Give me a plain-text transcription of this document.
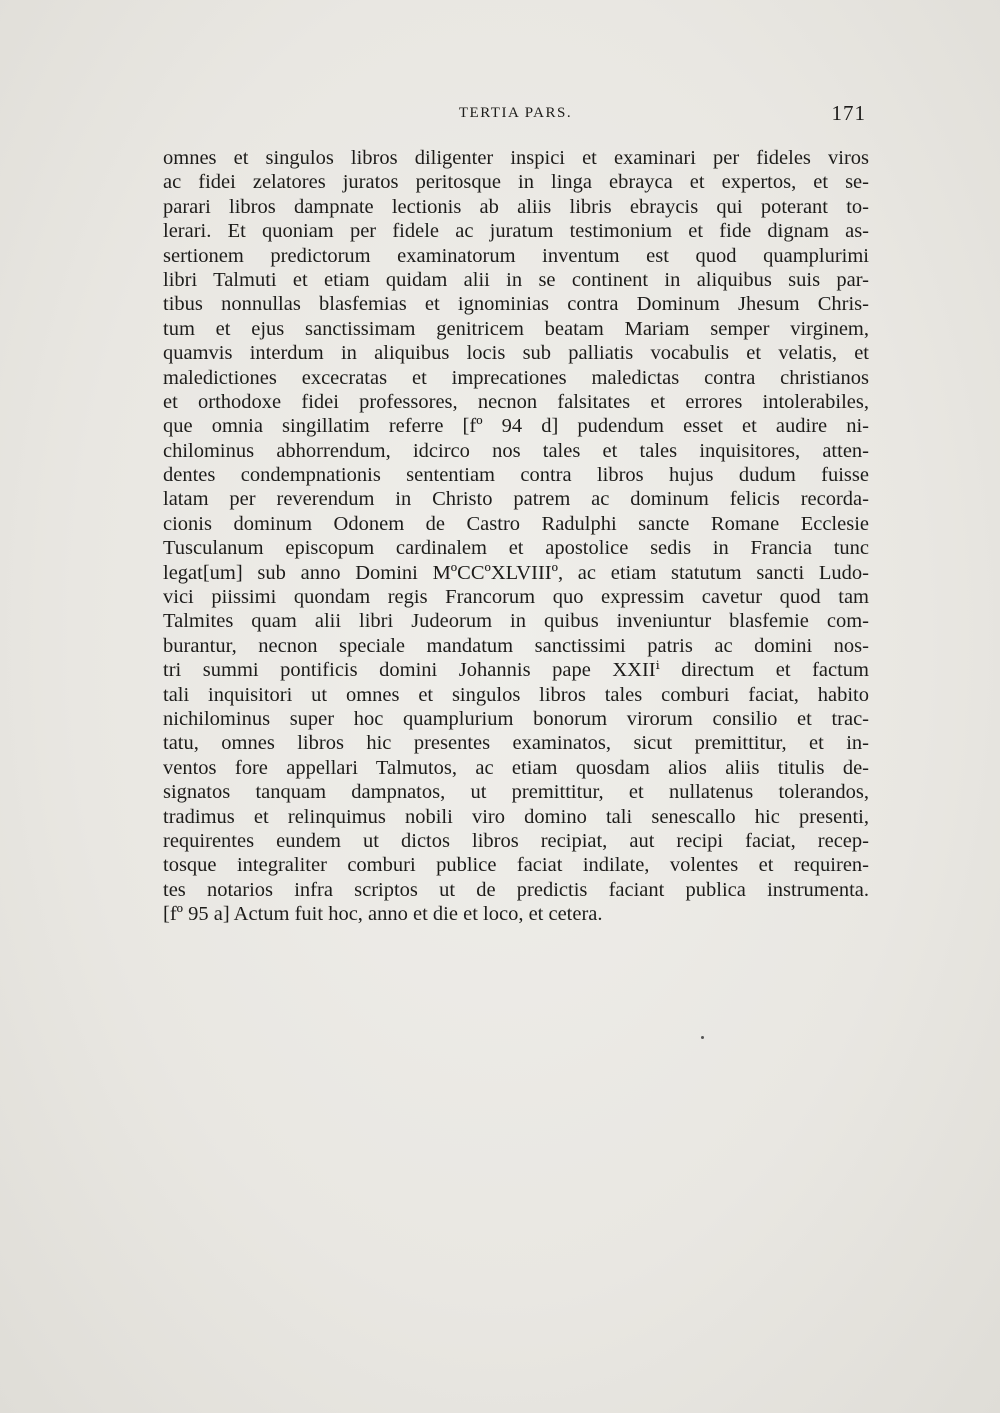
TERTIA PARS.	171
omnes et singulos libros diligenter inspici et examinari per fideles viros
ac fidei zelatores juratos peritosque in linga ebrayca et expertos, et se-
parari libros dampnate lectionis ab aliis libris ebraycis qui poterant to-
lerari. Et quoniam per fidele ac juratum testimonium et fide dignam as-
sertionem predictorum examinatorum inventum est quod quamplurimi
libri Talmuti et etiam quidam alii in se continent in aliquibus suis par-
tibus nonnullas blasfemias et ignominias contra Dominum Jhesum Chris-
tum et ejus sanctissimam genitricem beatam Mariam semper virginem,
quamvis interdum in aliquibus locis sub palliatis vocabulis et velatis, et
maledictiones excecratas et imprecationes maledictas contra christianos
et orthodoxe fidei professores, necnon falsitates et errores intolerabiles,
que omnia singillatim referre [fº 94 d] pudendum esset et audire ni-
chilominus abhorrendum, idcirco nos tales et tales inquisitores, atten-
dentes condempnationis sententiam contra libros hujus dudum fuisse
latam per reverendum in Christo patrem ac dominum felicis recorda-
cionis dominum Odonem de Castro Radulphi sancte Romane Ecclesie
Tusculanum episcopum cardinalem et apostolice sedis in Francia tunc
legat[um] sub anno Domini MºCCºXLVIIIº, ac etiam statutum sancti Ludo-
vici piissimi quondam regis Francorum quo expressim cavetur quod tam
Talmites quam alii libri Judeorum in quibus inveniuntur blasfemie com-
burantur, necnon speciale mandatum sanctissimi patris ac domini nos-
tri summi pontificis domini Johannis pape XXIIⁱ directum et factum
tali inquisitori ut omnes et singulos libros tales comburi faciat, habito
nichilominus super hoc quamplurium bonorum virorum consilio et trac-
tatu, omnes libros hic presentes examinatos, sicut premittitur, et in-
ventos fore appellari Talmutos, ac etiam quosdam alios aliis titulis de-
signatos tanquam dampnatos, ut premittitur, et nullatenus tolerandos,
tradimus et relinquimus nobili viro domino tali senescallo hic presenti,
requirentes eundem ut dictos libros recipiat, aut recipi faciat, recep-
tosque integraliter comburi publice faciat indilate, volentes et requiren-
tes notarios infra scriptos ut de predictis faciant publica instrumenta.
[fº 95 a] Actum fuit hoc, anno et die et loco, et cetera.
